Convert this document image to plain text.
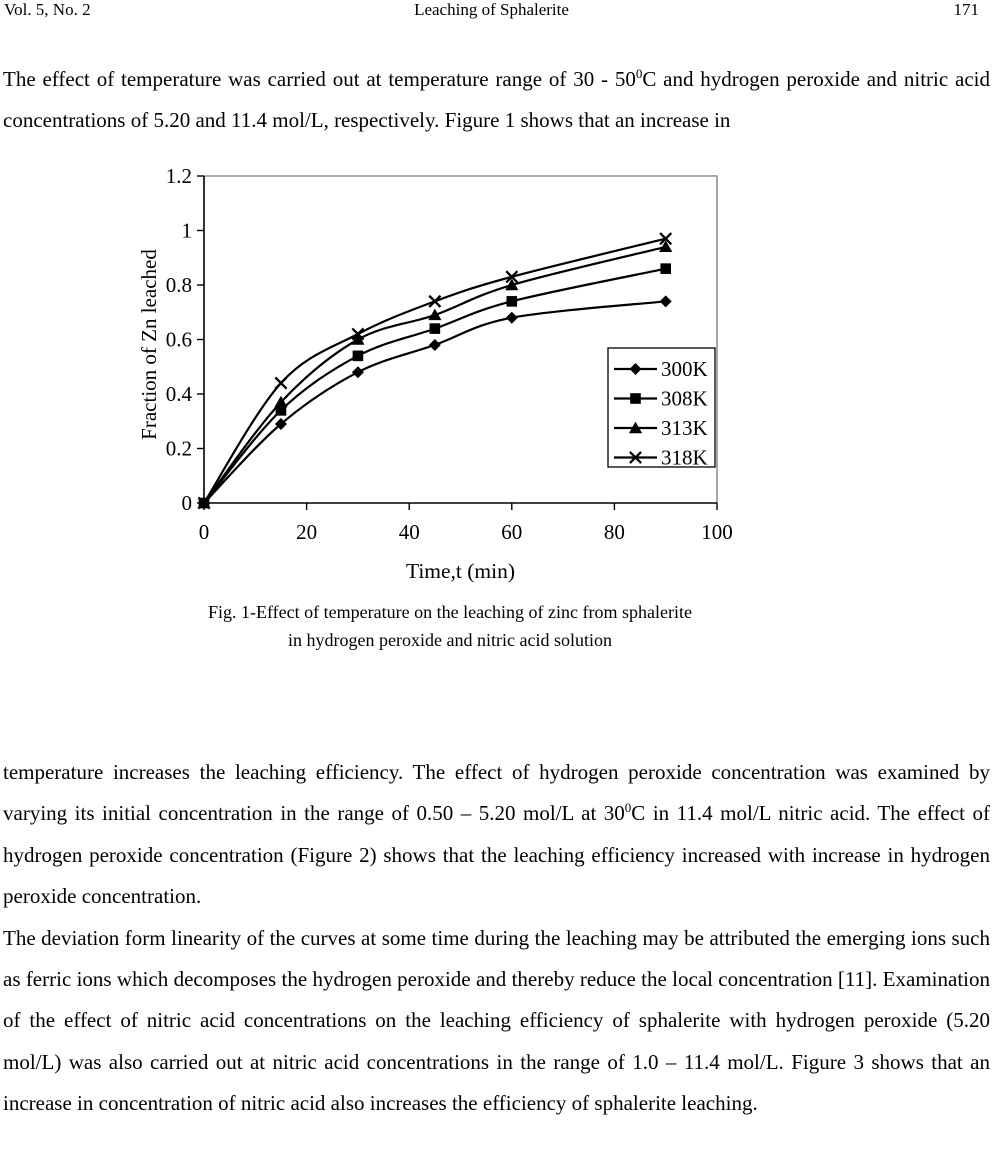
Leaching of Sphalerite
Vol. 5, No. 2	171
The effect of temperature was carried out at temperature range of $30 - 50^0C$ and hydrogen peroxide and nitric acid concentrations of 5.20 and 11.4 mol/L, respectively. Figure 1 shows that an increase in
0
0.2
0.4
0.6
0.8
1
1.2
0	20	40	60	80	100
Time,t (min)
Fraction of Zn leached	300K
308K
313K
318K
Fig. 1-Effect of temperature on the leaching of zinc from sphalerite
in hydrogen peroxide and nitric acid solution

temperature increases the leaching efficiency. The effect of hydrogen peroxide concentration was examined by varying its initial concentration in the range of 0.50 – 5.20 mol/L at $30^0C$ in 11.4 mol/L nitric acid. The effect of hydrogen peroxide concentration (Figure 2) shows that the leaching efficiency increased with increase in hydrogen peroxide concentration.

The deviation form linearity of the curves at some time during the leaching may be attributed the emerging ions such as ferric ions which decomposes the hydrogen peroxide and thereby reduce the local concentration [11]. Examination of the effect of nitric acid concentrations on the leaching efficiency of sphalerite with hydrogen peroxide (5.20 mol/L) was also carried out at nitric acid concentrations in the range of 1.0 – 11.4 mol/L. Figure 3 shows that an increase in concentration of nitric acid also increases the efficiency of sphalerite leaching.
